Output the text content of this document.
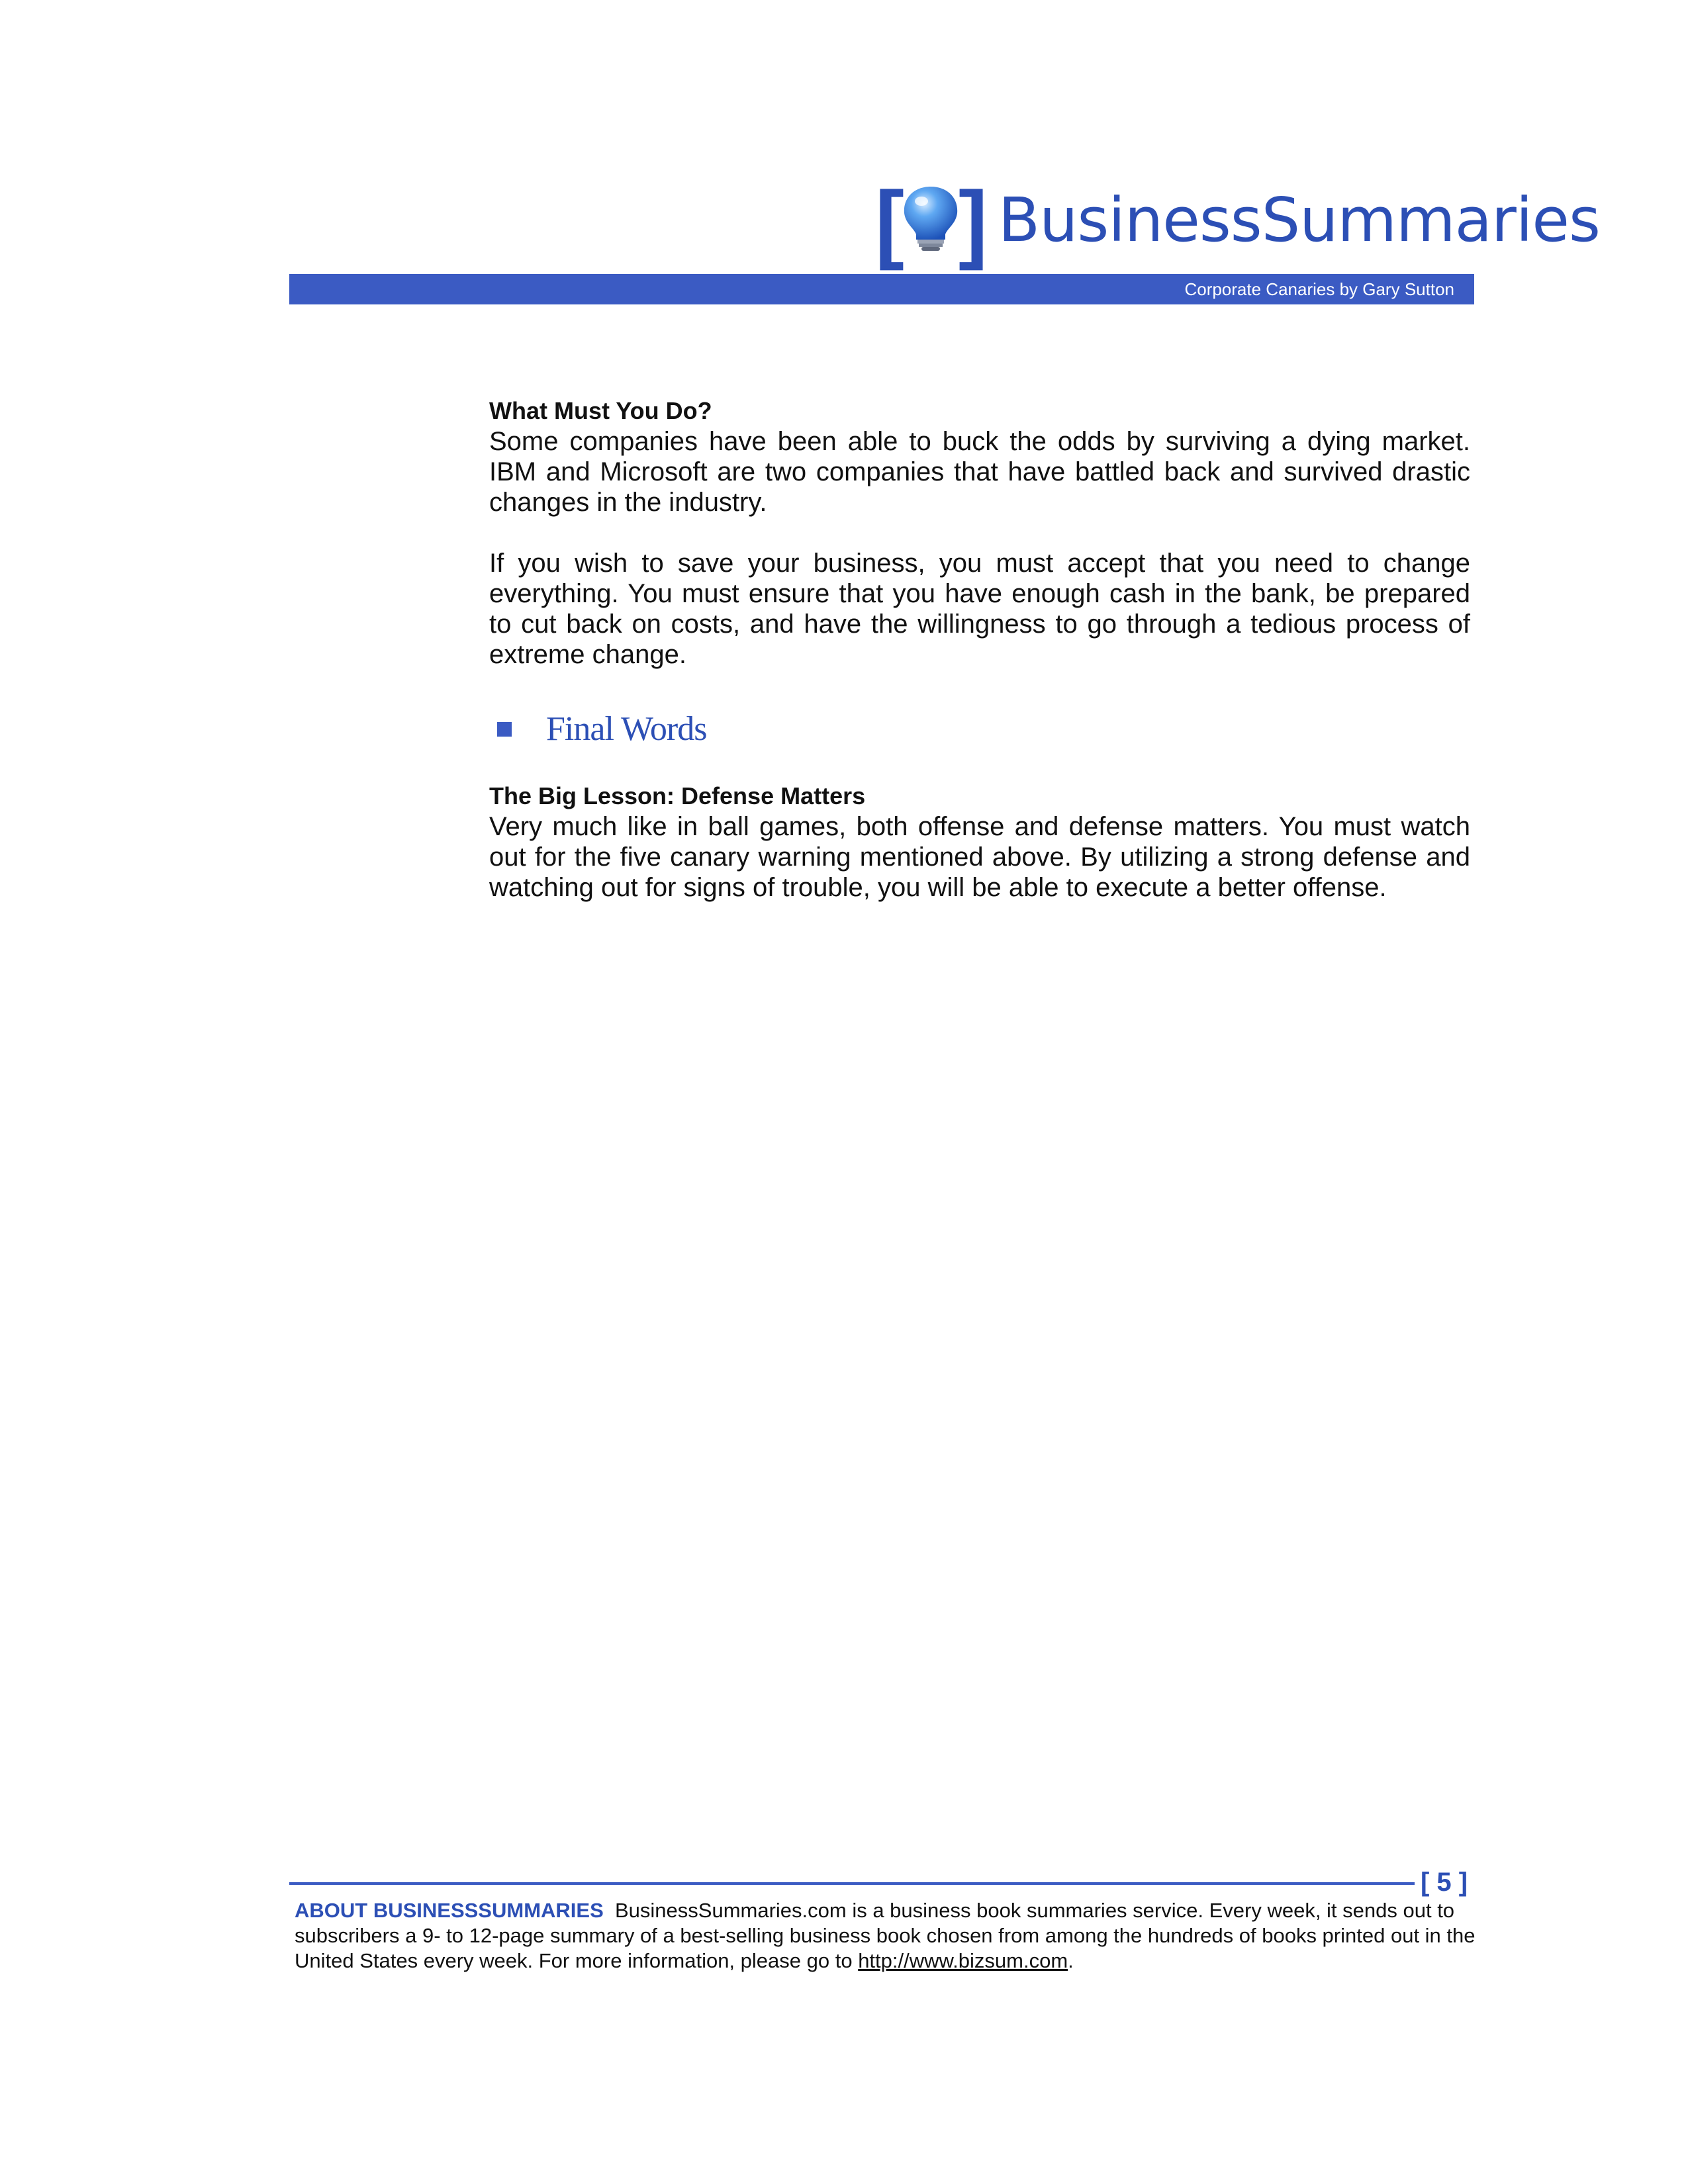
[ ] BusinessSummaries
Corporate Canaries by Gary Sutton
What Must You Do?

Some companies have been able to buck the odds by surviving a dying market. IBM and Microsoft are two companies that have battled back and survived drastic changes in the industry.

If you wish to save your business, you must accept that you need to change everything. You must ensure that you have enough cash in the bank, be prepared to cut back on costs, and have the willingness to go through a tedious process of extreme change.

Final Words
The Big Lesson: Defense Matters

Very much like in ball games, both offense and defense matters. You must watch out for the five canary warning mentioned above. By utilizing a strong defense and watching out for signs of trouble, you will be able to execute a better offense.

[ 5 ]
ABOUT BUSINESSSUMMARIES BusinessSummaries.com is a business book summaries service. Every week, it sends out to subscribers a 9- to 12-page summary of a best-selling business book chosen from among the hundreds of books printed out in the United States every week. For more information, please go to http://www.bizsum.com.
